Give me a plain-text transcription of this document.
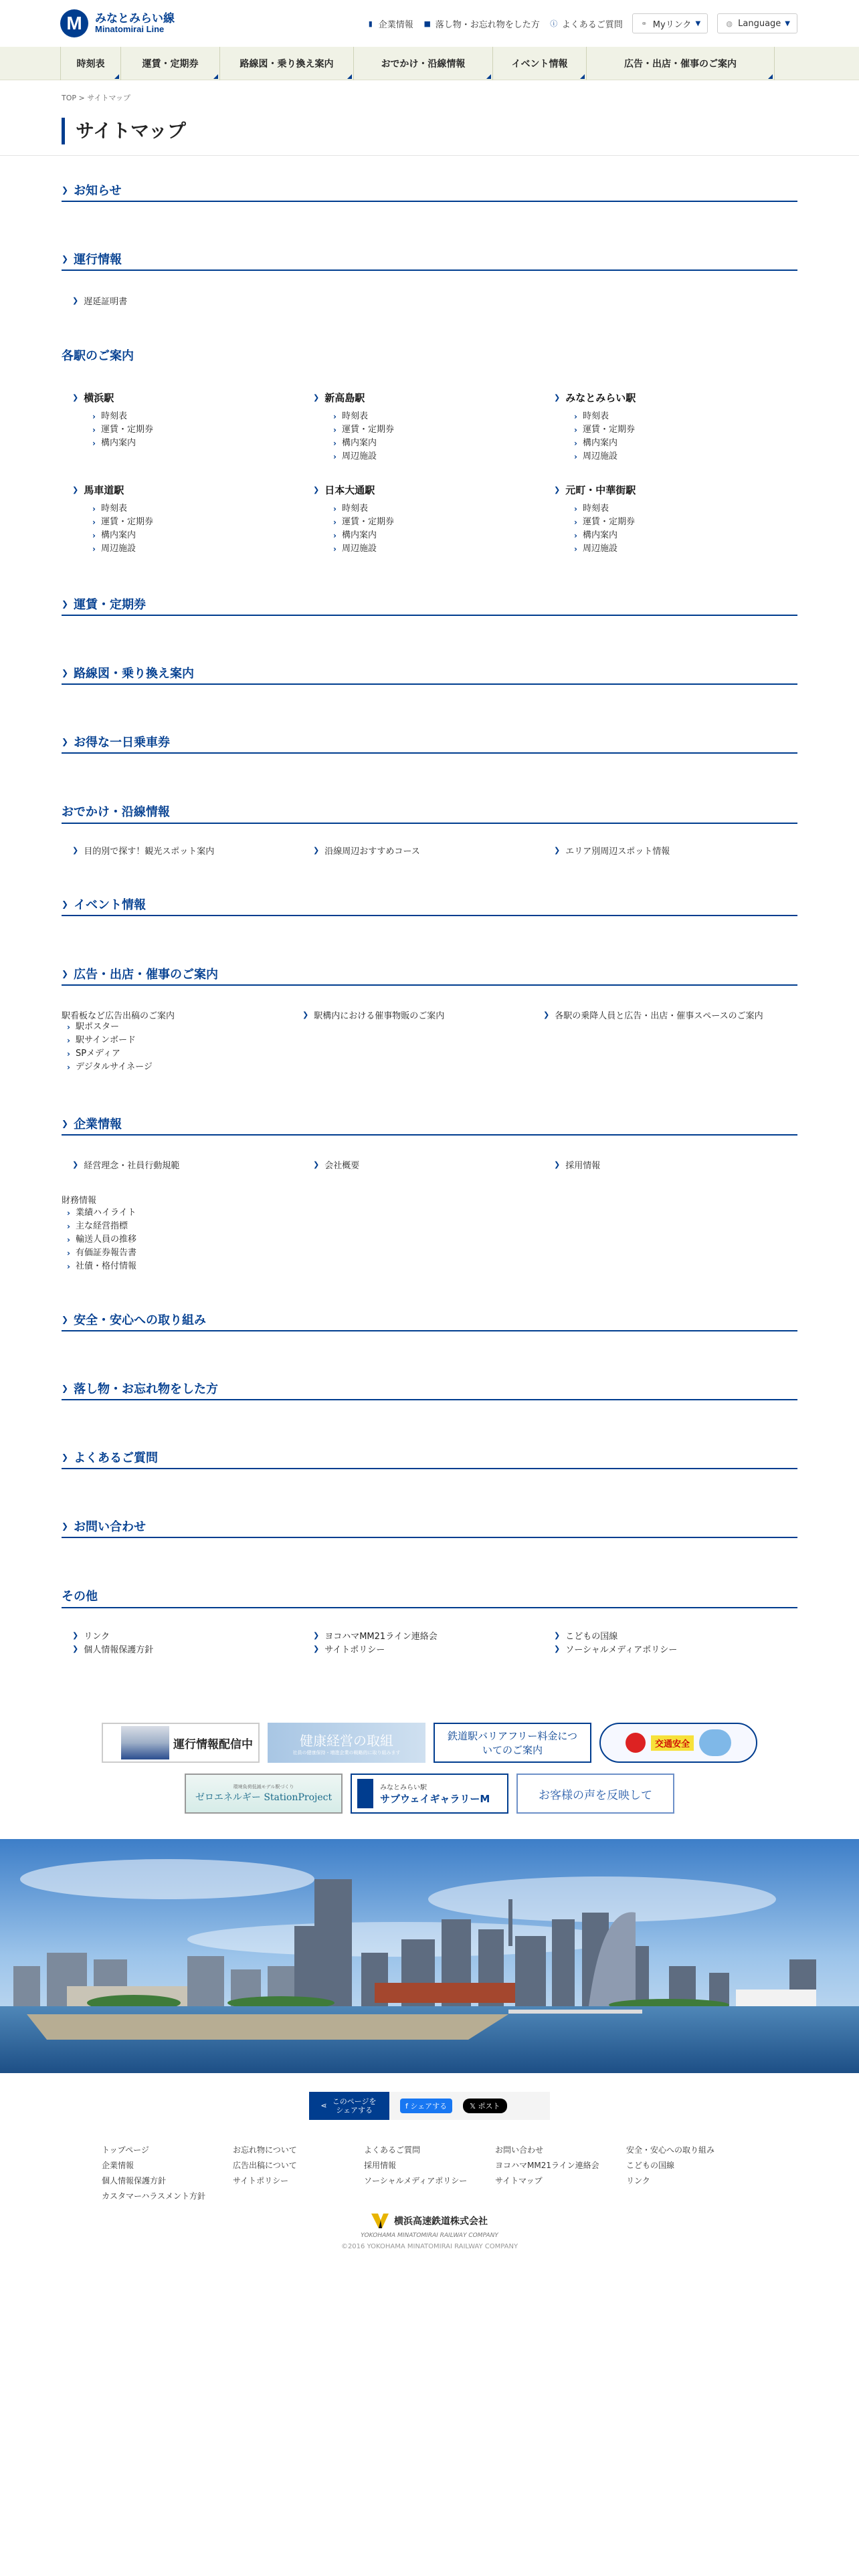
M	みなとみらい線
Minatomirai Line
▮ 企業情報 ■ 落し物・お忘れ物をした方 ⓘ よくあるご質問 ⚭ Myリンク ▼	◍ Language ▼
時刻表	運賃・定期券	路線図・乗り換え案内	おでかけ・沿線情報	イベント情報	広告・出店・催事のご案内
TOP > サイトマップ
サイトマップ
❯ お知らせ
❯ 運行情報
❯ 遅延証明書
各駅のご案内
❯ 横浜駅
› 時刻表
› 運賃・定期券
› 構内案内
❯ 新高島駅
› 時刻表
› 運賃・定期券
› 構内案内
› 周辺施設
❯ みなとみらい駅
› 時刻表
› 運賃・定期券
› 構内案内
› 周辺施設
❯ 馬車道駅
› 時刻表
› 運賃・定期券
› 構内案内
› 周辺施設
❯ 日本大通駅
› 時刻表
› 運賃・定期券
› 構内案内
› 周辺施設
❯ 元町・中華街駅
› 時刻表
› 運賃・定期券
› 構内案内
› 周辺施設
❯ 運賃・定期券
❯ 路線図・乗り換え案内
❯ お得な一日乗車券
おでかけ・沿線情報
❯ 目的別で探す！観光スポット案内	❯ 沿線周辺おすすめコース	❯ エリア別周辺スポット情報
❯ イベント情報
❯ 広告・出店・催事のご案内
駅看板など広告出稿のご案内	❯ 駅構内における催事物販のご案内	❯ 各駅の乗降人員と広告・出店・催事スペースのご案内
› 駅ポスター
› 駅サインボード
› SPメディア
› デジタルサイネージ
❯ 企業情報
❯ 経営理念・社員行動規範	❯ 会社概要	❯ 採用情報
財務情報
› 業績ハイライト
› 主な経営指標
› 輸送人員の推移
› 有価証券報告書
› 社債・格付情報
❯ 安全・安心への取り組み
❯ 落し物・お忘れ物をした方
❯ よくあるご質問
❯ お問い合わせ
その他
❯ リンク	❯ ヨコハマMM21ライン連絡会	❯ こどもの国線
❯ 個人情報保護方針	❯ サイトポリシー	❯ ソーシャルメディアポリシー
運行情報配信中	健康経営の取組
社員の健康保持・増進企業の戦略的に取り組みます
鉄道駅バリアフリー料金についてのご案内	交通安全
環境負荷低減モデル駅づくり
ゼロエネルギー StationProject
みなとみらい駅
サブウェイギャラリーM	お客様の声を反映して
⋖
このページをシェアする	f シェアする	𝕏 ポスト
トップページ
企業情報
個人情報保護方針
カスタマーハラスメント方針
お忘れ物について
広告出稿について
サイトポリシー
よくあるご質問
採用情報
ソーシャルメディアポリシー
お問い合わせ
ヨコハマMM21ライン連絡会
サイトマップ
安全・安心への取り組み
こどもの国線
リンク
横浜高速鉄道株式会社
YOKOHAMA MINATOMIRAI RAILWAY COMPANY
©2016 YOKOHAMA MINATOMIRAI RAILWAY COMPANY
